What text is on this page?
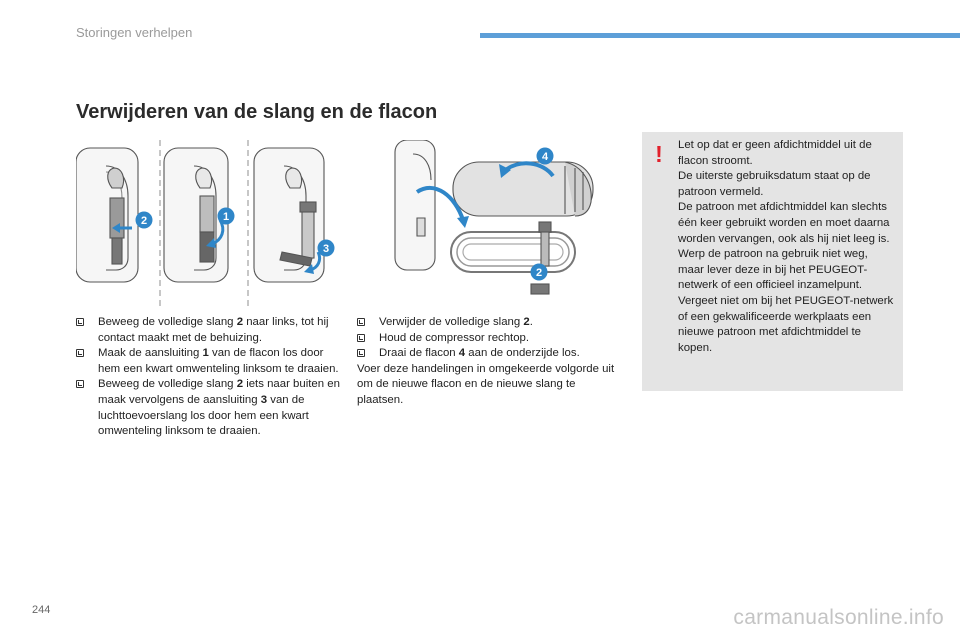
Storingen verhelpen
Verwijderen van de slang en de flacon
2	1
3
4
2
Beweeg de volledige slang 2 naar links, tot hij contact maakt met de behuizing.
Maak de aansluiting 1 van de flacon los door hem een kwart omwenteling linksom te draaien.
Beweeg de volledige slang 2 iets naar buiten en maak vervolgens de aansluiting 3 van de luchttoevoerslang los door hem een kwart omwenteling linksom te draaien.
Verwijder de volledige slang 2.
Houd de compressor rechtop.
Draai de flacon 4 aan de onderzijde los.
Voer deze handelingen in omgekeerde volgorde uit om de nieuwe flacon en de nieuwe slang te plaatsen.
! Let op dat er geen afdichtmiddel uit de flacon stroomt.
De uiterste gebruiksdatum staat op de patroon vermeld.
De patroon met afdichtmiddel kan slechts één keer gebruikt worden en moet daarna worden vervangen, ook als hij niet leeg is.
Werp de patroon na gebruik niet weg, maar lever deze in bij het PEUGEOT-netwerk of een officieel inzamelpunt.
Vergeet niet om bij het PEUGEOT-netwerk of een gekwalificeerde werkplaats een nieuwe patroon met afdichtmiddel te kopen.
244	carmanualsonline.info
